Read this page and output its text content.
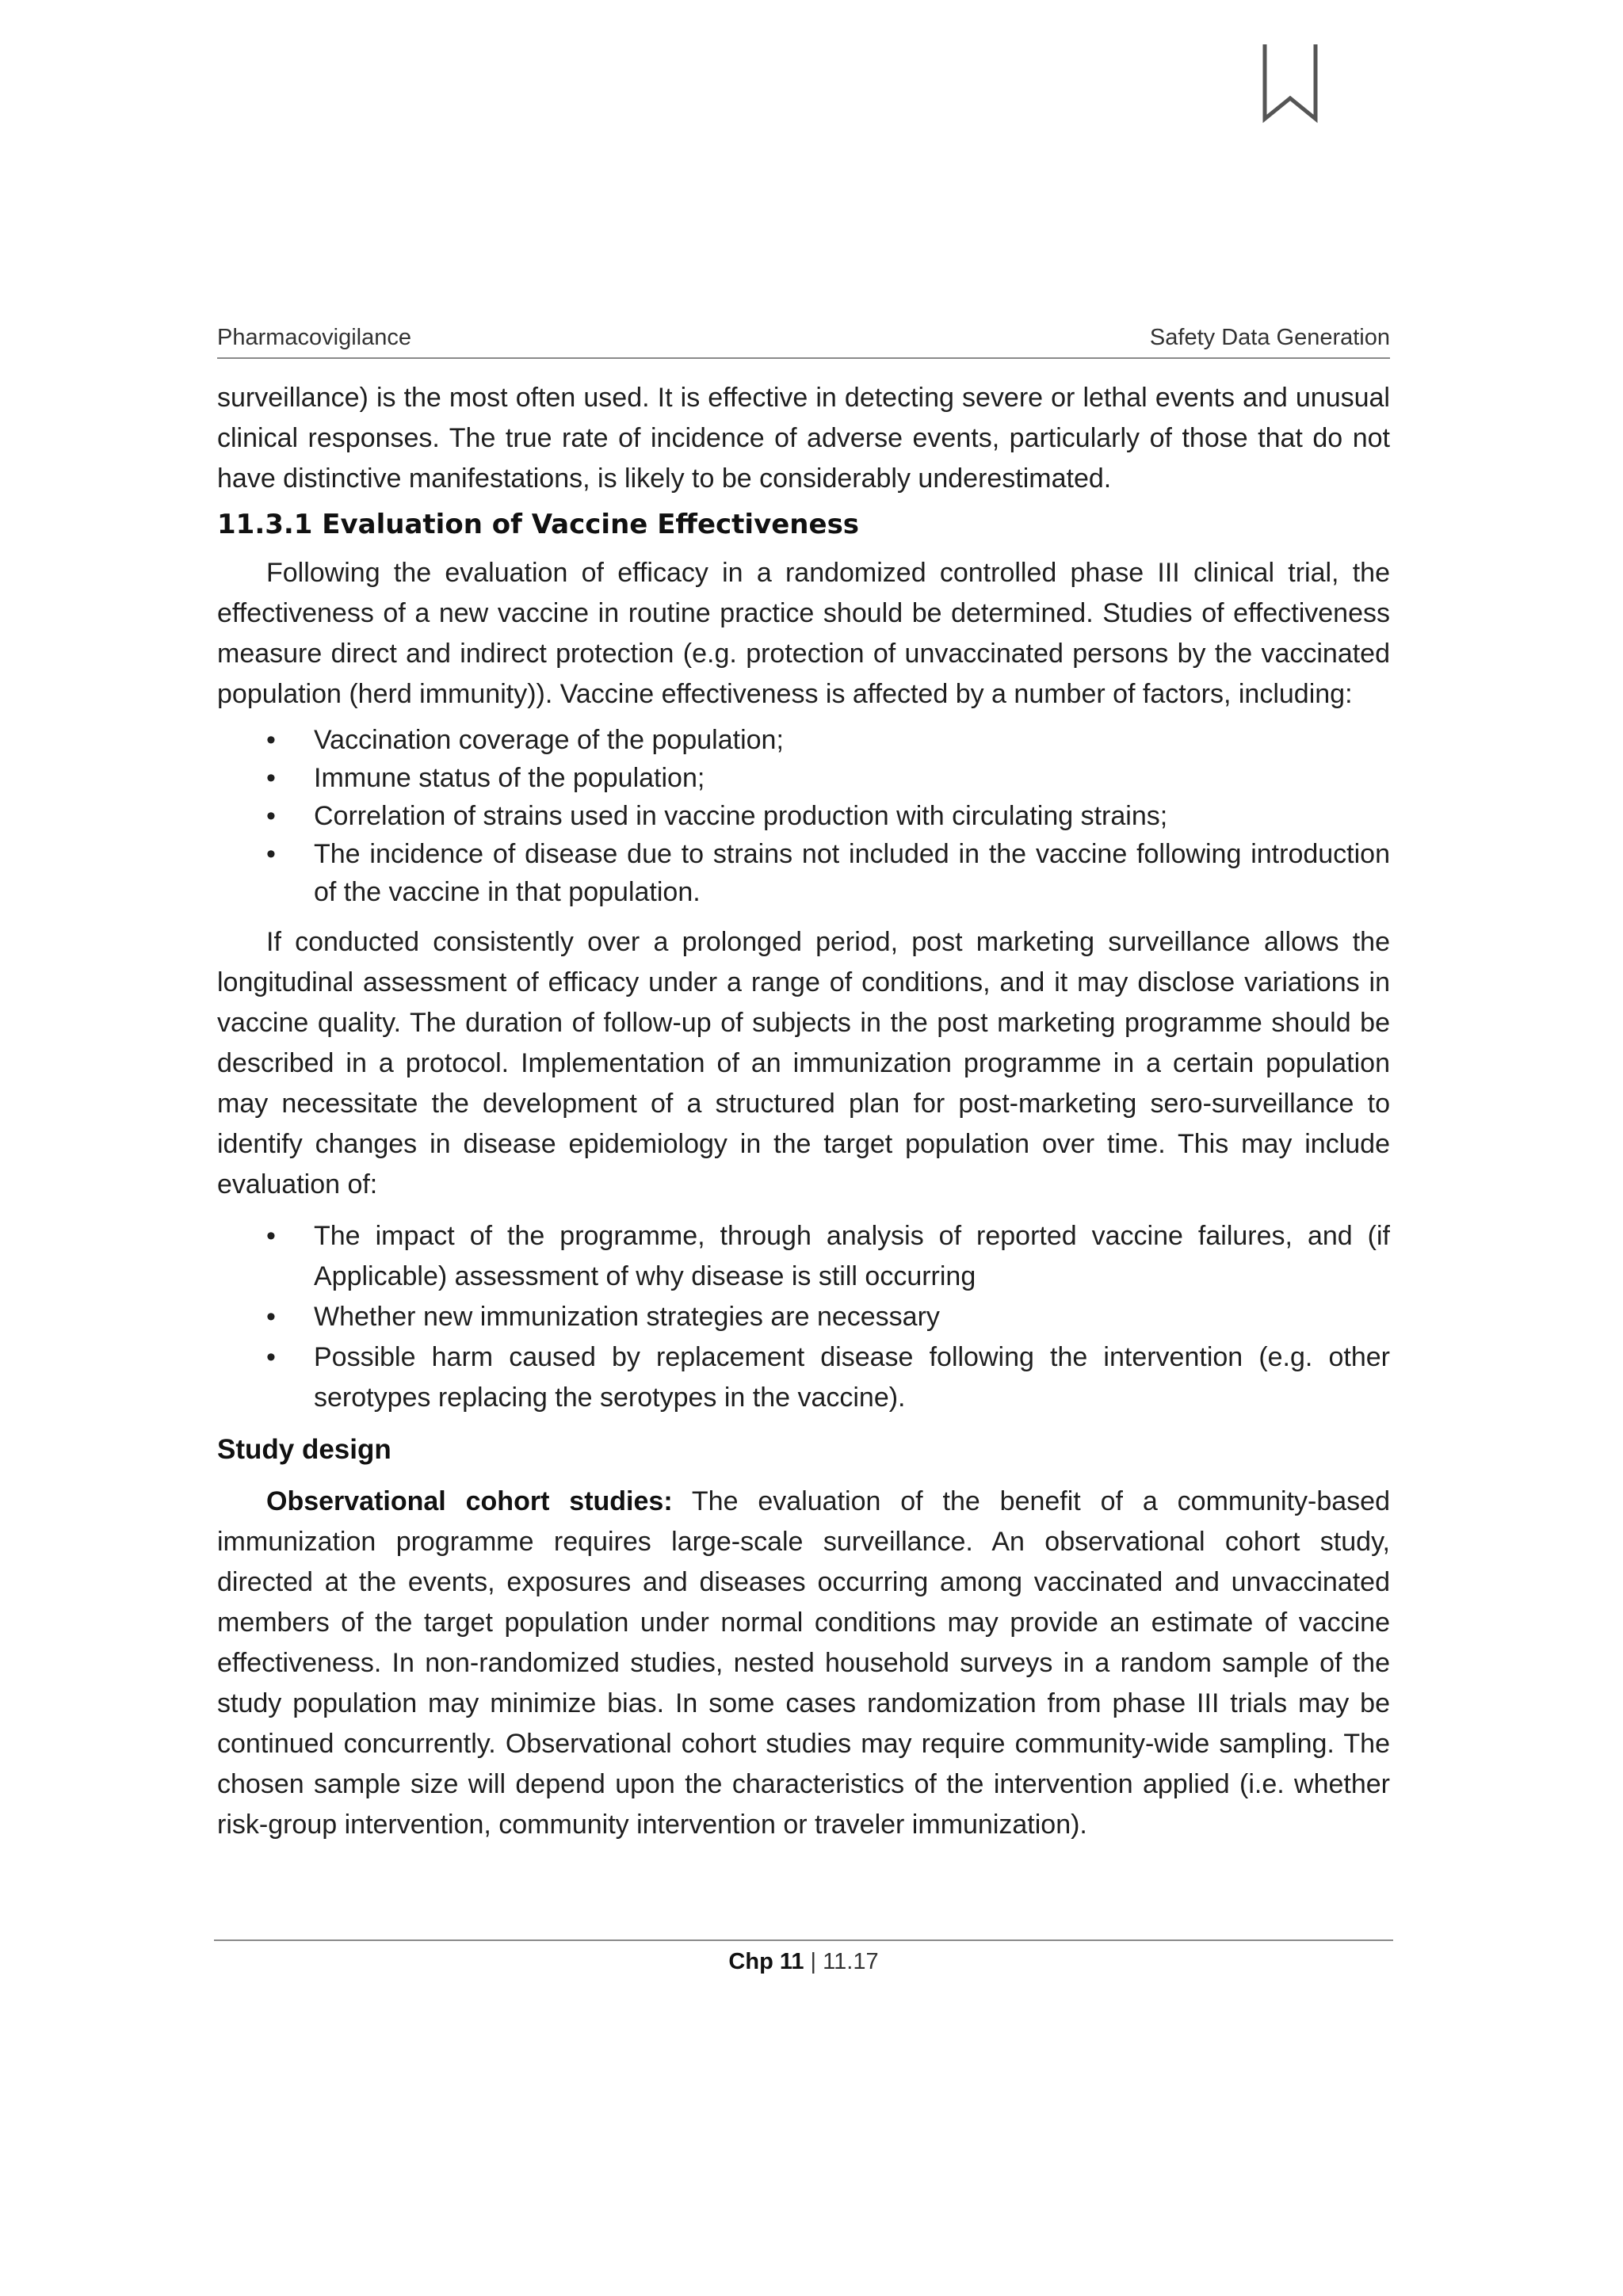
Pharmacovigilance	Safety Data Generation

surveillance) is the most often used. It is effective in detecting severe or lethal events and unusual clinical responses. The true rate of incidence of adverse events, particularly of those that do not have distinctive manifestations, is likely to be considerably underestimated.

11.3.1 Evaluation of Vaccine Effectiveness

Following the evaluation of efficacy in a randomized controlled phase III clinical trial, the effectiveness of a new vaccine in routine practice should be determined. Studies of effectiveness measure direct and indirect protection (e.g. protection of unvaccinated persons by the vaccinated population (herd immunity)). Vaccine effectiveness is affected by a number of factors, including:

• Vaccination coverage of the population;
• Immune status of the population;
• Correlation of strains used in vaccine production with circulating strains;
• The incidence of disease due to strains not included in the vaccine following introduction of the vaccine in that population.

If conducted consistently over a prolonged period, post marketing surveillance allows the longitudinal assessment of efficacy under a range of conditions, and it may disclose variations in vaccine quality. The duration of follow-up of subjects in the post marketing programme should be described in a protocol. Implementation of an immunization programme in a certain population may necessitate the development of a structured plan for post-marketing sero-surveillance to identify changes in disease epidemiology in the target population over time. This may include evaluation of:

• The impact of the programme, through analysis of reported vaccine failures, and (if Applicable) assessment of why disease is still occurring
• Whether new immunization strategies are necessary
• Possible harm caused by replacement disease following the intervention (e.g. other serotypes replacing the serotypes in the vaccine).
Study design

Observational cohort studies: The evaluation of the benefit of a community-based immunization programme requires large-scale surveillance. An observational cohort study, directed at the events, exposures and diseases occurring among vaccinated and unvaccinated members of the target population under normal conditions may provide an estimate of vaccine effectiveness. In non-randomized studies, nested household surveys in a random sample of the study population may minimize bias. In some cases randomization from phase III trials may be continued concurrently. Observational cohort studies may require community-wide sampling. The chosen sample size will depend upon the characteristics of the intervention applied (i.e. whether risk-group intervention, community intervention or traveler immunization).

Chp 11 | 11.17
